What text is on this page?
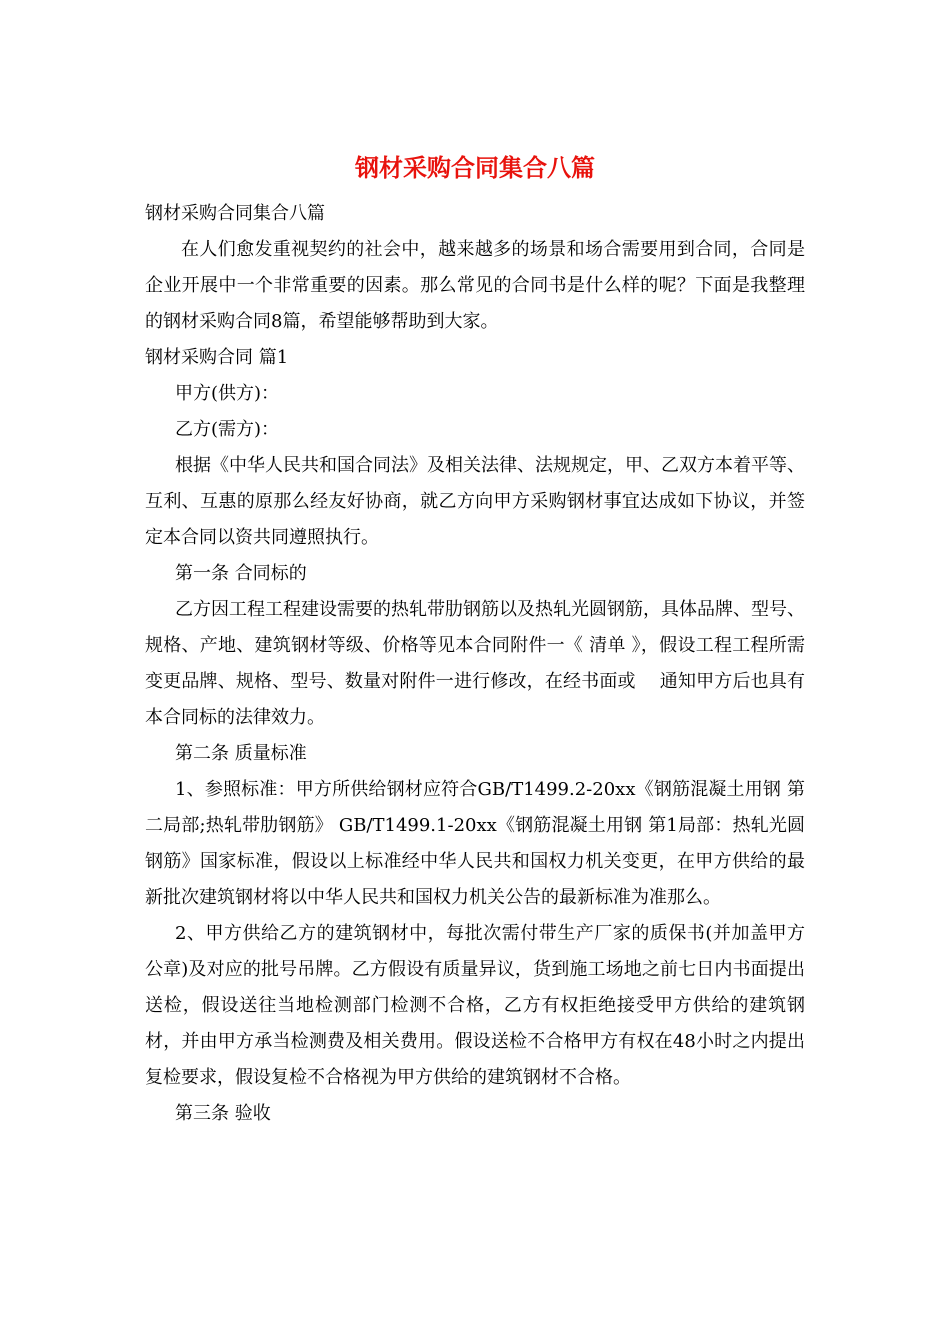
钢材采购合同集合八篇

钢材采购合同集合八篇

在人们愈发重视契约的社会中，越来越多的场景和场合需要用到合同，合同是企业开展中一个非常重要的因素。那么常见的合同书是什么样的呢？下面是我整理的钢材采购合同8篇，希望能够帮助到大家。

钢材采购合同 篇1

甲方(供方)：

乙方(需方)：

根据《中华人民共和国合同法》及相关法律、法规规定，甲、乙双方本着平等、互利、互惠的原那么经友好协商，就乙方向甲方采购钢材事宜达成如下协议，并签定本合同以资共同遵照执行。

第一条 合同标的

乙方因工程工程建设需要的热轧带肋钢筋以及热轧光圆钢筋，具体品牌、型号、规格、产地、建筑钢材等级、价格等见本合同附件一《 清单 》，假设工程工程所需变更品牌、规格、型号、数量对附件一进行修改，在经书面或　 通知甲方后也具有本合同标的法律效力。

第二条 质量标准

1、参照标准：甲方所供给钢材应符合GB/T1499.2-20xx《钢筋混凝土用钢 第二局部;热轧带肋钢筋》 GB/T1499.1-20xx《钢筋混凝土用钢 第1局部：热轧光圆钢筋》国家标准，假设以上标准经中华人民共和国权力机关变更，在甲方供给的最新批次建筑钢材将以中华人民共和国权力机关公告的最新标准为准那么。

2、甲方供给乙方的建筑钢材中，每批次需付带生产厂家的质保书(并加盖甲方公章)及对应的批号吊牌。乙方假设有质量异议，货到施工场地之前七日内书面提出送检，假设送往当地检测部门检测不合格，乙方有权拒绝接受甲方供给的建筑钢材，并由甲方承当检测费及相关费用。假设送检不合格甲方有权在48小时之内提出复检要求，假设复检不合格视为甲方供给的建筑钢材不合格。

第三条 验收
